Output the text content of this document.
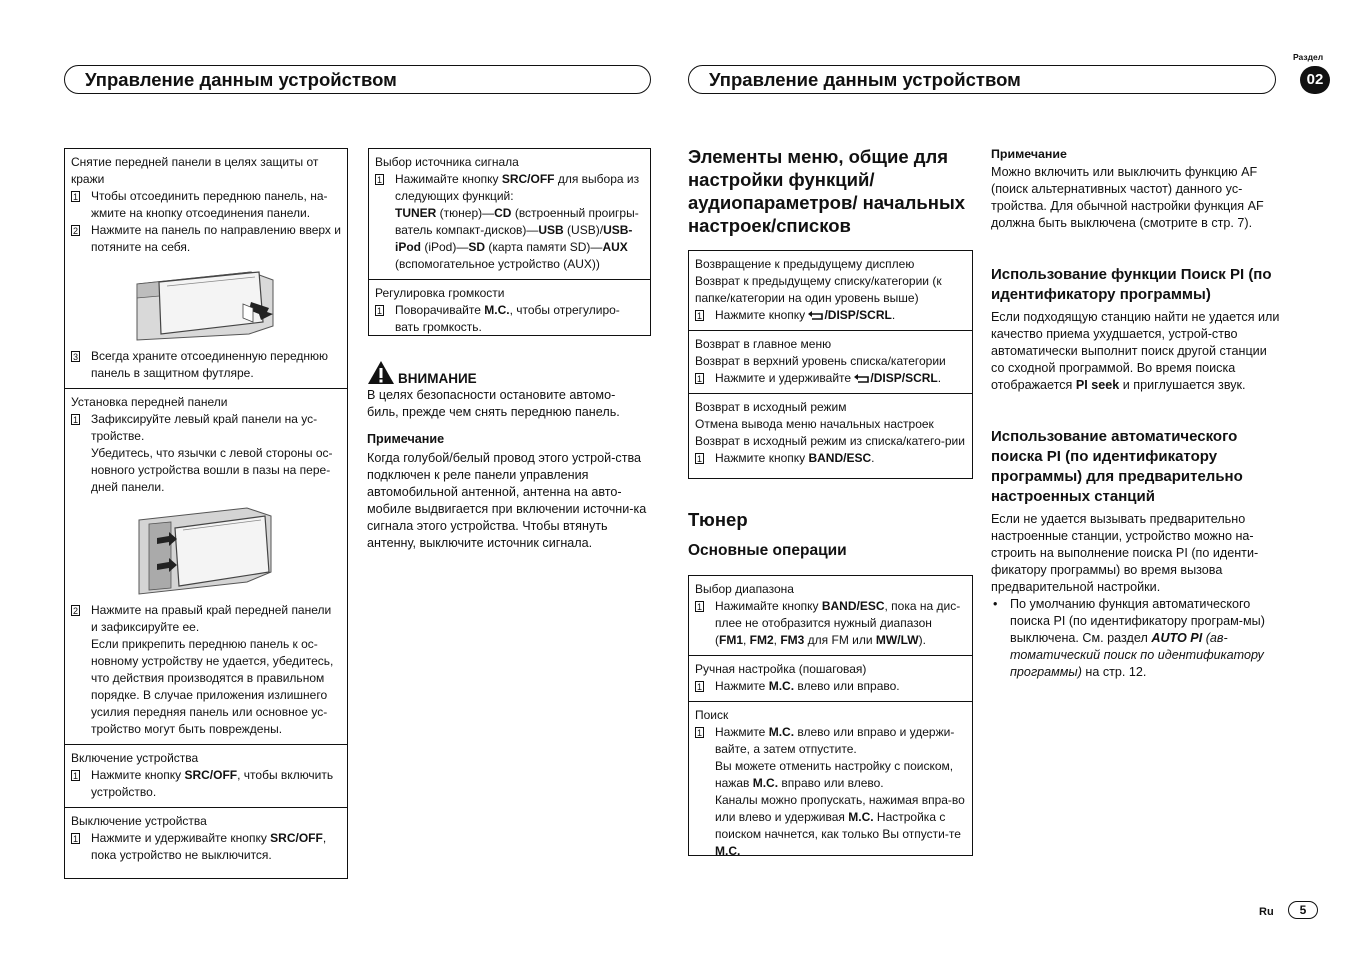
Управление данным устройством	Управление данным устройством
Раздел
02
Снятие передней панели в целях защиты от кражи
1 Чтобы отсоединить переднюю панель, на-жмите на кнопку отсоединения панели.
2 Нажмите на панель по направлению вверх и потяните на себя.
3 Всегда храните отсоединенную переднюю панель в защитном футляре.
Установка передней панели
1 Зафиксируйте левый край панели на ус-тройстве.
Убедитесь, что язычки с левой стороны ос-новного устройства вошли в пазы на пере-дней панели.
2 Нажмите на правый край передней панели и зафиксируйте ее.
Если прикрепить переднюю панель к ос-новному устройству не удается, убедитесь, что действия производятся в правильном порядке. В случае приложения излишнего усилия передняя панель или основное ус-тройство могут быть повреждены.
Включение устройства
1 Нажмите кнопку SRC/OFF, чтобы включить устройство.
Выключение устройства
1 Нажмите и удерживайте кнопку SRC/OFF, пока устройство не выключится.
Выбор источника сигнала
1 Нажимайте кнопку SRC/OFF для выбора из следующих функций:
TUNER (тюнер)—CD (встроенный проигры-ватель компакт-дисков)—USB (USB)/USB-iPod (iPod)—SD (карта памяти SD)—AUX (вспомогательное устройство (AUX))
Регулировка громкости
1 Поворачивайте M.C., чтобы отрегулиро-вать громкость.
ВНИМАНИЕ
В целях безопасности остановите автомо-биль, прежде чем снять переднюю панель.
Примечание
Когда голубой/белый провод этого устрой-ства подключен к реле панели управления автомобильной антенной, антенна на авто-мобиле выдвигается при включении источни-ка сигнала этого устройства. Чтобы втянуть антенну, выключите источник сигнала.
Элементы меню, общие для настройки функций/ аудиопараметров/ начальных настроек/списков
Возвращение к предыдущему дисплею
Возврат к предыдущему списку/категории (к папке/категории на один уровень выше)
1 Нажмите кнопку /DISP/SCRL.
Возврат в главное меню
Возврат в верхний уровень списка/категории
1 Нажмите и удерживайте /DISP/SCRL.
Возврат в исходный режим
Отмена вывода меню начальных настроек
Возврат в исходный режим из списка/катего-рии
1 Нажмите кнопку BAND/ESC.
Тюнер
Основные операции
Выбор диапазона
1 Нажимайте кнопку BAND/ESC, пока на дис-плее не отобразится нужный диапазон (FM1, FM2, FM3 для FM или MW/LW).
Ручная настройка (пошаговая)
1 Нажмите M.C. влево или вправо.
Поиск
1 Нажмите M.C. влево или вправо и удержи-вайте, а затем отпустите.
Вы можете отменить настройку с поиском, нажав M.C. вправо или влево.
Каналы можно пропускать, нажимая впра-во или влево и удерживая M.C. Настройка с поиском начнется, как только Вы отпусти-те M.C.
Примечание
Можно включить или выключить функцию AF (поиск альтернативных частот) данного ус-тройства. Для обычной настройки функция AF должна быть выключена (смотрите в стр. 7).
Использование функции Поиск PI (по идентификатору программы)
Если подходящую станцию найти не удается или качество приема ухудшается, устрой-ство автоматически выполнит поиск другой станции со сходной программой. Во время поиска отображается PI seek и приглушается звук.
Использование автоматического поиска PI (по идентификатору программы) для предварительно настроенных станций
Если не удается вызывать предварительно настроенные станции, устройство можно на-строить на выполнение поиска PI (по иденти-фикатору программы) во время вызова предварительной настройки.
• По умолчанию функция автоматического поиска PI (по идентификатору програм-мы) выключена. См. раздел AUTO PI (ав-томатический поиск по идентификатору программы) на стр. 12.
Ru	5
